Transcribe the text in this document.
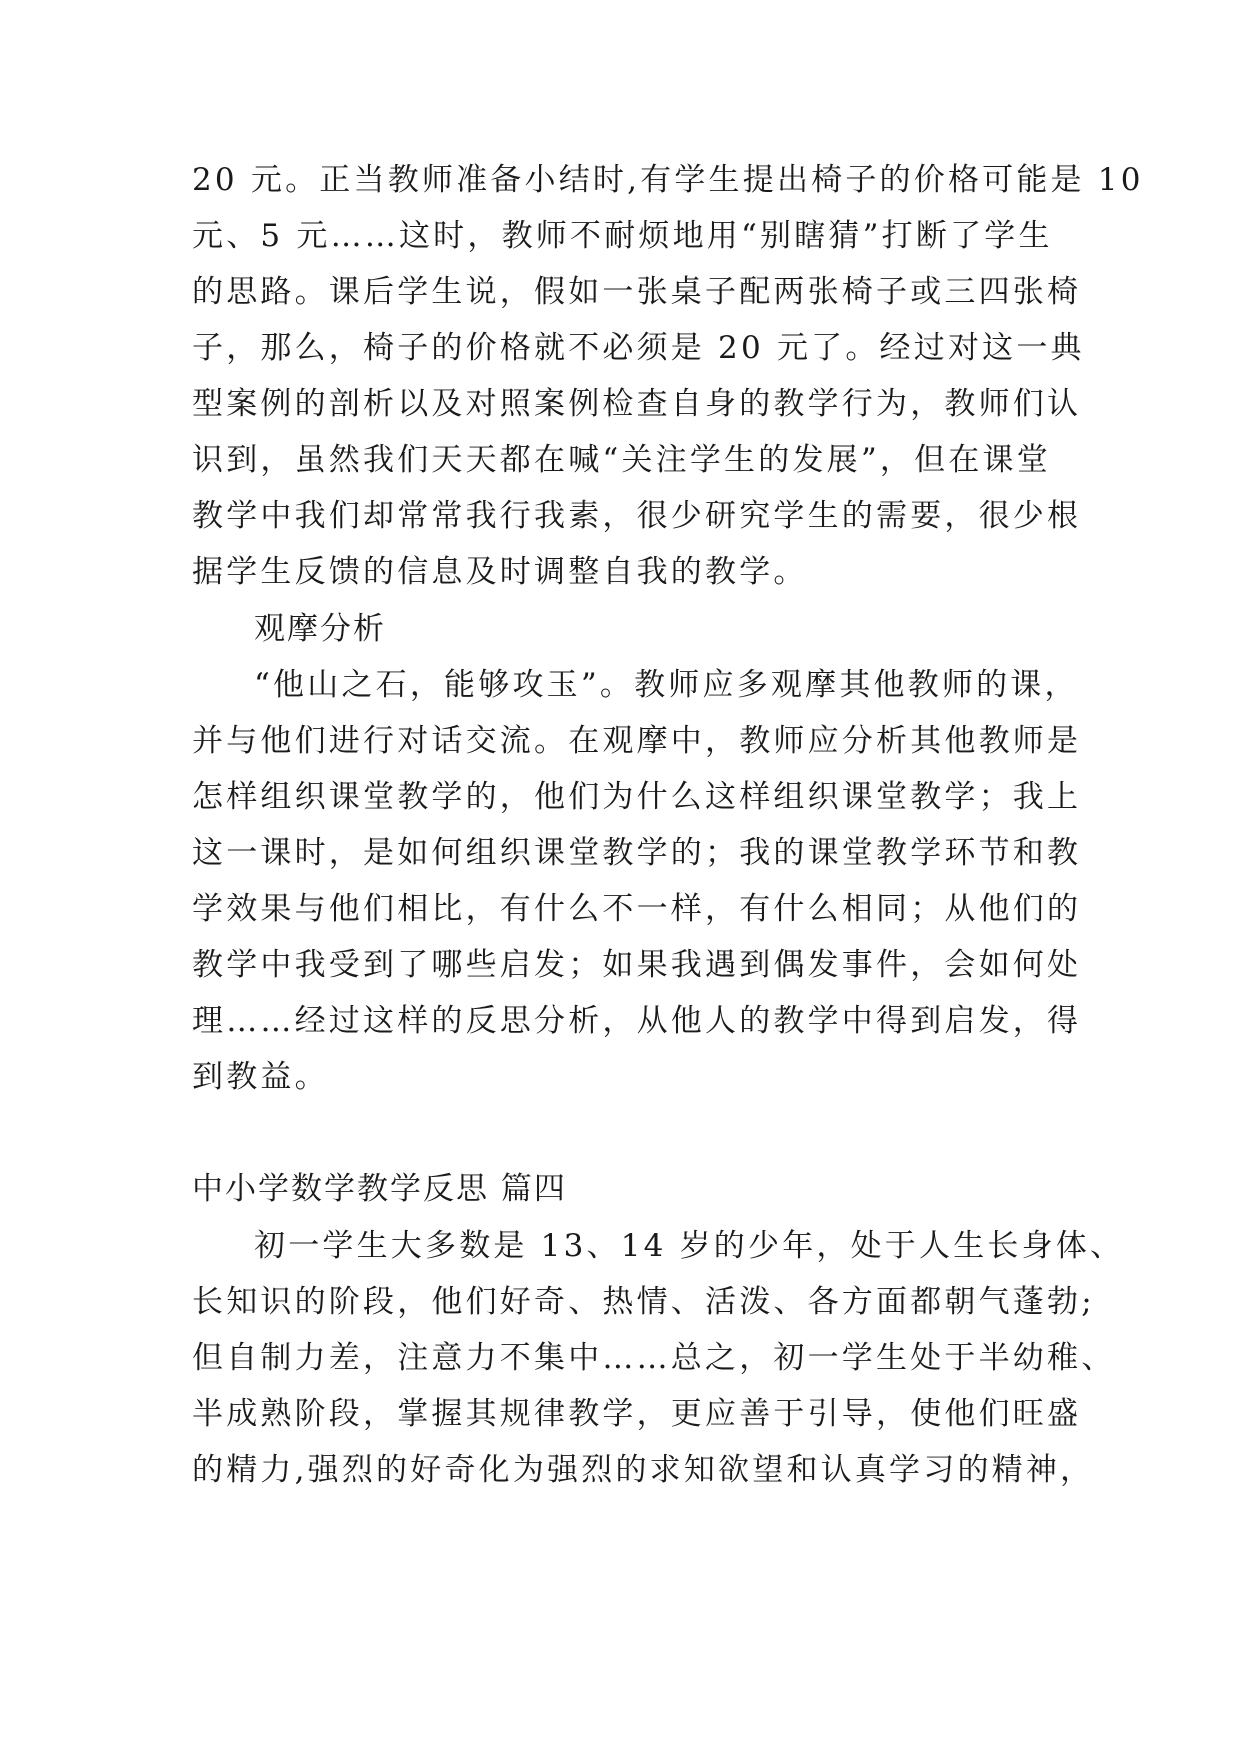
20 元。正当教师准备小结时,有学生提出椅子的价格可能是 10
元、5 元……这时，教师不耐烦地用“别瞎猜”打断了学生
的思路。课后学生说，假如一张桌子配两张椅子或三四张椅
子，那么，椅子的价格就不必须是 20 元了。经过对这一典
型案例的剖析以及对照案例检查自身的教学行为，教师们认
识到，虽然我们天天都在喊“关注学生的发展”，但在课堂
教学中我们却常常我行我素，很少研究学生的需要，很少根
据学生反馈的信息及时调整自我的教学。
观摩分析
“他山之石，能够攻玉”。教师应多观摩其他教师的课，
并与他们进行对话交流。在观摩中，教师应分析其他教师是
怎样组织课堂教学的，他们为什么这样组织课堂教学；我上
这一课时，是如何组织课堂教学的；我的课堂教学环节和教
学效果与他们相比，有什么不一样，有什么相同；从他们的
教学中我受到了哪些启发；如果我遇到偶发事件，会如何处
理……经过这样的反思分析，从他人的教学中得到启发，得
到教益。
中小学数学教学反思 篇四
初一学生大多数是 13、14 岁的少年，处于人生长身体、
长知识的阶段，他们好奇、热情、活泼、各方面都朝气蓬勃;
但自制力差，注意力不集中……总之，初一学生处于半幼稚、
半成熟阶段，掌握其规律教学，更应善于引导，使他们旺盛
的精力,强烈的好奇化为强烈的求知欲望和认真学习的精神，
